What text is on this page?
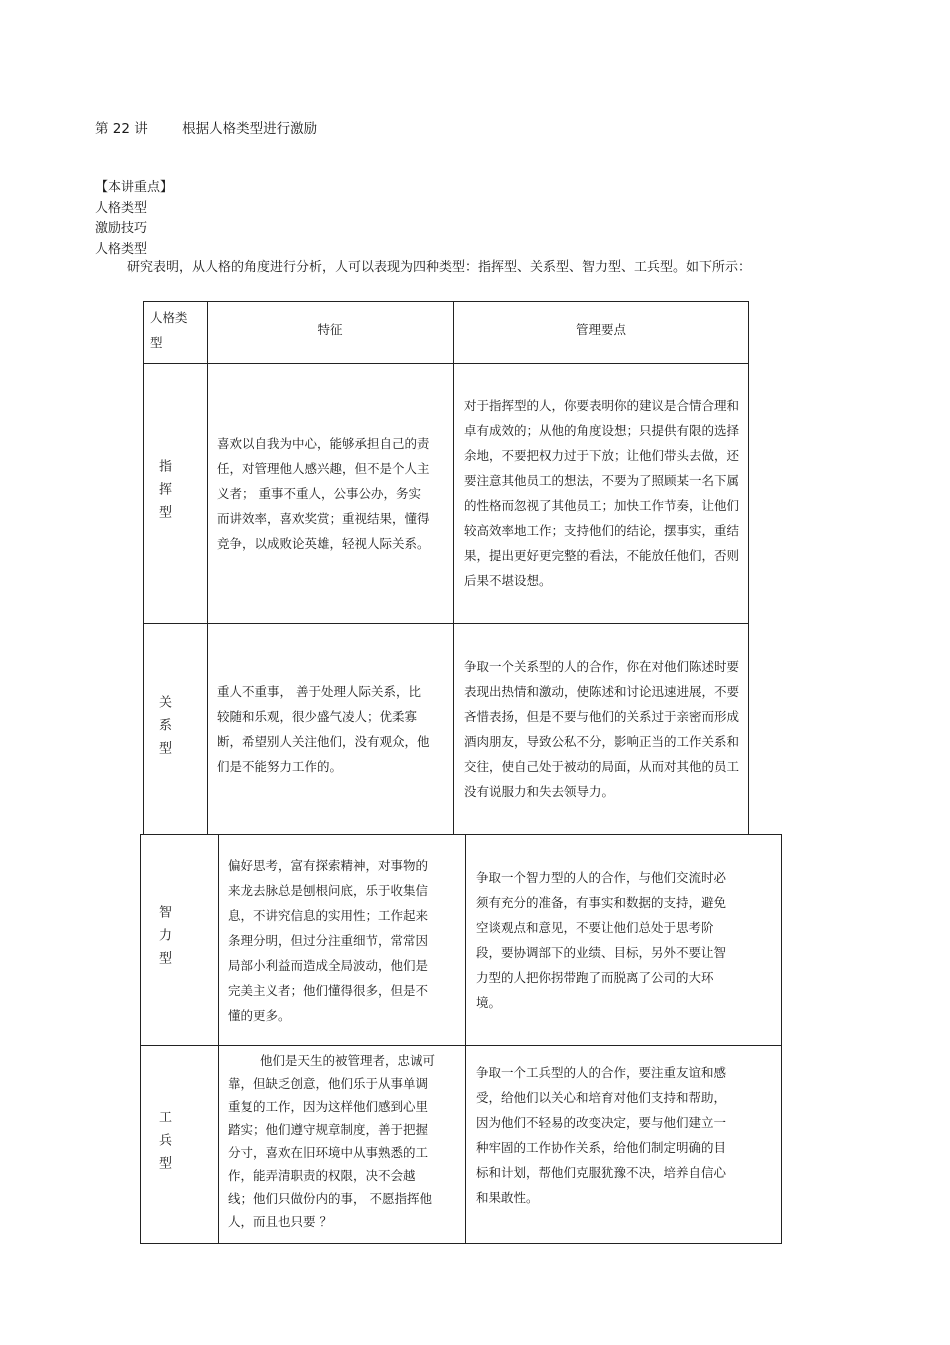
第 22 讲        根据人格类型进行激励
【本讲重点】
人格类型
激励技巧
人格类型
研究表明，从人格的角度进行分析，人可以表现为四种类型：指挥型、关系型、智力型、工兵型。如下所示：
人格类型
特征	管理要点
指挥型
喜欢以自我为中心，能够承担自己的责任，对管理他人感兴趣，但不是个人主义者； 重事不重人，公事公办，务实而讲效率，喜欢奖赏；重视结果，懂得竞争，以成败论英雄，轻视人际关系。
对于指挥型的人，你要表明你的建议是合情合理和卓有成效的；从他的角度设想；只提供有限的选择余地，不要把权力过于下放；让他们带头去做，还要注意其他员工的想法，不要为了照顾某一名下属的性格而忽视了其他员工；加快工作节奏，让他们较高效率地工作；支持他们的结论，摆事实，重结果，提出更好更完整的看法，不能放任他们，否则后果不堪设想。
关系型
重人不重事， 善于处理人际关系，比较随和乐观，很少盛气凌人；优柔寡断，希望别人关注他们，没有观众，他们是不能努力工作的。
争取一个关系型的人的合作，你在对他们陈述时要表现出热情和激动，使陈述和讨论迅速进展，不要吝惜表扬，但是不要与他们的关系过于亲密而形成酒肉朋友，导致公私不分，影响正当的工作关系和交往，使自己处于被动的局面，从而对其他的员工没有说服力和失去领导力。
智力型
偏好思考，富有探索精神，对事物的来龙去脉总是刨根问底，乐于收集信息，不讲究信息的实用性；工作起来条理分明，但过分注重细节，常常因局部小利益而造成全局波动，他们是完美主义者；他们懂得很多，但是不懂的更多。
争取一个智力型的人的合作，与他们交流时必须有充分的准备，有事实和数据的支持，避免空谈观点和意见，不要让他们总处于思考阶段，要协调部下的业绩、目标，另外不要让智力型的人把你拐带跑了而脱离了公司的大环境。
工兵型
他们是天生的被管理者，忠诚可靠，但缺乏创意，他们乐于从事单调重复的工作，因为这样他们感到心里踏实；他们遵守规章制度，善于把握分寸，喜欢在旧环境中从事熟悉的工作，能弄清职责的权限，决不会越线；他们只做份内的事， 不愿指挥他人，而且也只要 ？
争取一个工兵型的人的合作，要注重友谊和感受，给他们以关心和培育对他们支持和帮助，因为他们不轻易的改变决定，要与他们建立一种牢固的工作协作关系，给他们制定明确的目标和计划，帮他们克服犹豫不决，培养自信心和果敢性。
